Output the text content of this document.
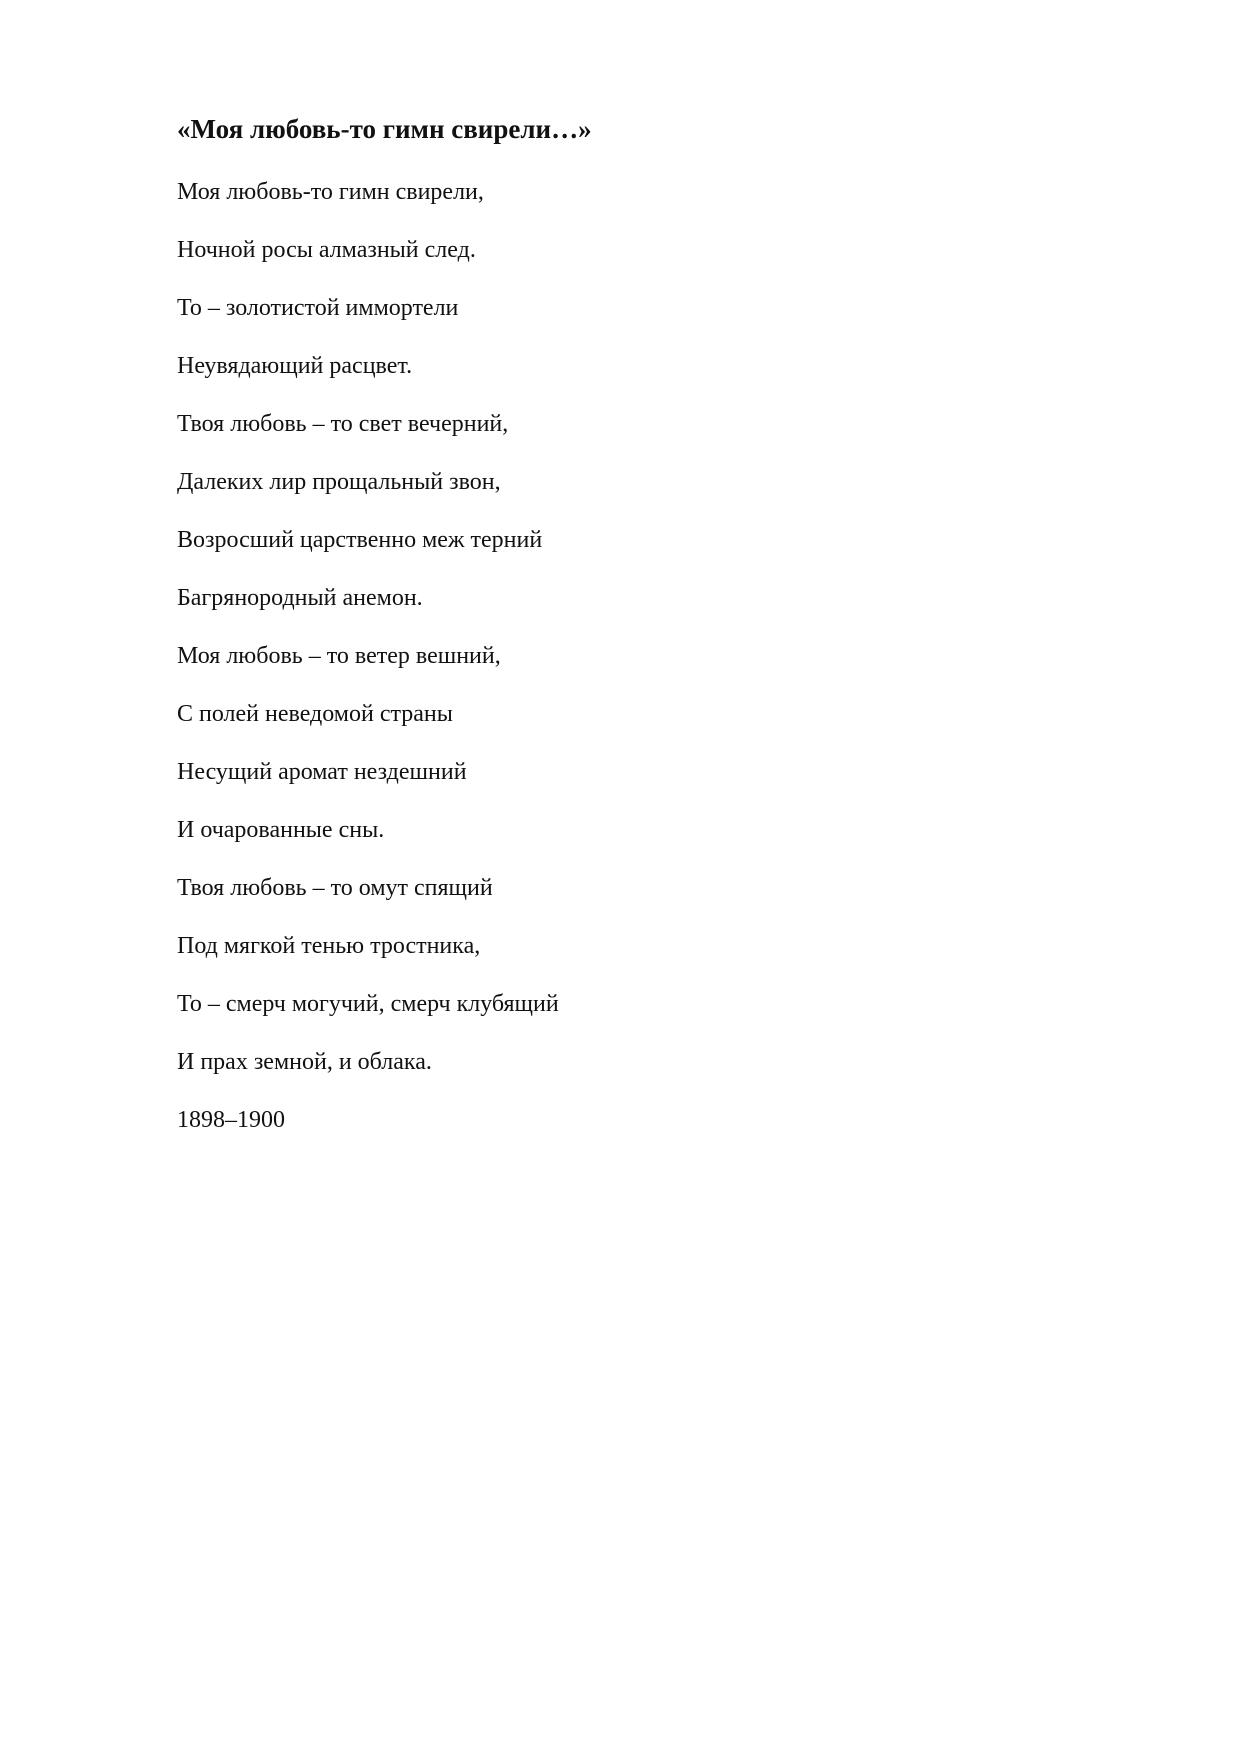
«Моя любовь-то гимн свирели…»
Моя любовь-то гимн свирели,
Ночной росы алмазный след.
То – золотистой иммортели
Неувядающий расцвет.
Твоя любовь – то свет вечерний,
Далеких лир прощальный звон,
Возросший царственно меж терний
Багрянородный анемон.
Моя любовь – то ветер вешний,
С полей неведомой страны
Несущий аромат нездешний
И очарованные сны.
Твоя любовь – то омут спящий
Под мягкой тенью тростника,
То – смерч могучий, смерч клубящий
И прах земной, и облака.

1898–1900
